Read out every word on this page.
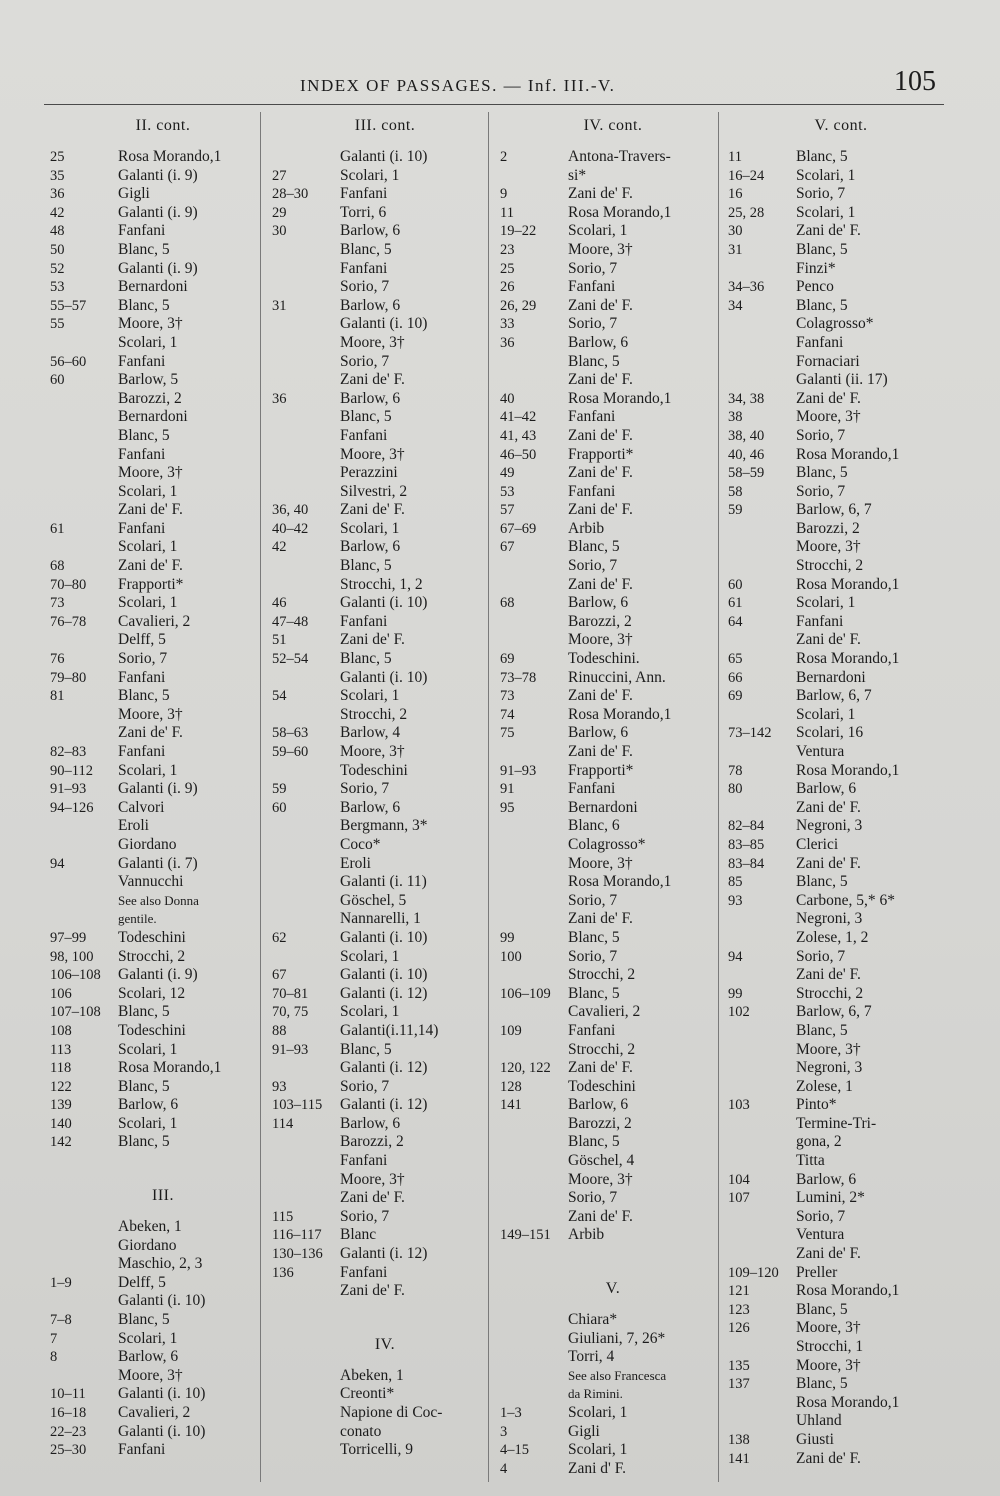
INDEX OF PASSAGES. — Inf. III.-V.	105
II. cont.
25	Rosa Morando,1
35	Galanti (i. 9)
36	Gigli
42	Galanti (i. 9)
48	Fanfani
50	Blanc, 5
52	Galanti (i. 9)
53	Bernardoni
55–57	Blanc, 5
55	Moore, 3†
Scolari, 1
56–60	Fanfani
60	Barlow, 5
Barozzi, 2
Bernardoni
Blanc, 5
Fanfani
Moore, 3†
Scolari, 1
Zani de' F.
61	Fanfani
Scolari, 1
68	Zani de' F.
70–80	Frapporti*
73	Scolari, 1
76–78	Cavalieri, 2
Delff, 5
76	Sorio, 7
79–80	Fanfani
81	Blanc, 5
Moore, 3†
Zani de' F.
82–83	Fanfani
90–112	Scolari, 1
91–93	Galanti (i. 9)
94–126	Calvori
Eroli
Giordano
94	Galanti (i. 7)
Vannucchi
See also Donna
gentile.
97–99	Todeschini
98, 100	Strocchi, 2
106–108	Galanti (i. 9)
106	Scolari, 12
107–108	Blanc, 5
108	Todeschini
113	Scolari, 1
118	Rosa Morando,1
122	Blanc, 5
139	Barlow, 6
140	Scolari, 1
142	Blanc, 5
III.
Abeken, 1
Giordano
Maschio, 2, 3
1–9	Delff, 5
Galanti (i. 10)
7–8	Blanc, 5
7	Scolari, 1
8	Barlow, 6
Moore, 3†
10–11	Galanti (i. 10)
16–18	Cavalieri, 2
22–23	Galanti (i. 10)
25–30	Fanfani
III. cont.
Galanti (i. 10)
27	Scolari, 1
28–30	Fanfani
29	Torri, 6
30	Barlow, 6
Blanc, 5
Fanfani
Sorio, 7
31	Barlow, 6
Galanti (i. 10)
Moore, 3†
Sorio, 7
Zani de' F.
36	Barlow, 6
Blanc, 5
Fanfani
Moore, 3†
Perazzini
Silvestri, 2
36, 40	Zani de' F.
40–42	Scolari, 1
42	Barlow, 6
Blanc, 5
Strocchi, 1, 2
46	Galanti (i. 10)
47–48	Fanfani
51	Zani de' F.
52–54	Blanc, 5
Galanti (i. 10)
54	Scolari, 1
Strocchi, 2
58–63	Barlow, 4
59–60	Moore, 3†
Todeschini
59	Sorio, 7
60	Barlow, 6
Bergmann, 3*
Coco*
Eroli
Galanti (i. 11)
Göschel, 5
Nannarelli, 1
62	Galanti (i. 10)
Scolari, 1
67	Galanti (i. 10)
70–81	Galanti (i. 12)
70, 75	Scolari, 1
88	Galanti(i.11,14)
91–93	Blanc, 5
Galanti (i. 12)
93	Sorio, 7
103–115	Galanti (i. 12)
114	Barlow, 6
Barozzi, 2
Fanfani
Moore, 3†
Zani de' F.
115	Sorio, 7
116–117	Blanc
130–136	Galanti (i. 12)
136	Fanfani
Zani de' F.
IV.
Abeken, 1
Creonti*
Napione di Coc-
conato
Torricelli, 9
IV. cont.
2	Antona-Travers-
si*
9	Zani de' F.
11	Rosa Morando,1
19–22	Scolari, 1
23	Moore, 3†
25	Sorio, 7
26	Fanfani
26, 29	Zani de' F.
33	Sorio, 7
36	Barlow, 6
Blanc, 5
Zani de' F.
40	Rosa Morando,1
41–42	Fanfani
41, 43	Zani de' F.
46–50	Frapporti*
49	Zani de' F.
53	Fanfani
57	Zani de' F.
67–69	Arbib
67	Blanc, 5
Sorio, 7
Zani de' F.
68	Barlow, 6
Barozzi, 2
Moore, 3†
69	Todeschini.
73–78	Rinuccini, Ann.
73	Zani de' F.
74	Rosa Morando,1
75	Barlow, 6
Zani de' F.
91–93	Frapporti*
91	Fanfani
95	Bernardoni
Blanc, 6
Colagrosso*
Moore, 3†
Rosa Morando,1
Sorio, 7
Zani de' F.
99	Blanc, 5
100	Sorio, 7
Strocchi, 2
106–109	Blanc, 5
Cavalieri, 2
109	Fanfani
Strocchi, 2
120, 122	Zani de' F.
128	Todeschini
141	Barlow, 6
Barozzi, 2
Blanc, 5
Göschel, 4
Moore, 3†
Sorio, 7
Zani de' F.
149–151	Arbib
V.
Chiara*
Giuliani, 7, 26*
Torri, 4
See also Francesca
da Rimini.
1–3	Scolari, 1
3	Gigli
4–15	Scolari, 1
4	Zani d' F.
V. cont.
11	Blanc, 5
16–24	Scolari, 1
16	Sorio, 7
25, 28	Scolari, 1
30	Zani de' F.
31	Blanc, 5
Finzi*
34–36	Penco
34	Blanc, 5
Colagrosso*
Fanfani
Fornaciari
Galanti (ii. 17)
34, 38	Zani de' F.
38	Moore, 3†
38, 40	Sorio, 7
40, 46	Rosa Morando,1
58–59	Blanc, 5
58	Sorio, 7
59	Barlow, 6, 7
Barozzi, 2
Moore, 3†
Strocchi, 2
60	Rosa Morando,1
61	Scolari, 1
64	Fanfani
Zani de' F.
65	Rosa Morando,1
66	Bernardoni
69	Barlow, 6, 7
Scolari, 1
73–142	Scolari, 16
Ventura
78	Rosa Morando,1
80	Barlow, 6
Zani de' F.
82–84	Negroni, 3
83–85	Clerici
83–84	Zani de' F.
85	Blanc, 5
93	Carbone, 5,* 6*
Negroni, 3
Zolese, 1, 2
94	Sorio, 7
Zani de' F.
99	Strocchi, 2
102	Barlow, 6, 7
Blanc, 5
Moore, 3†
Negroni, 3
Zolese, 1
103	Pinto*
Termine-Tri-
gona, 2
Titta
104	Barlow, 6
107	Lumini, 2*
Sorio, 7
Ventura
Zani de' F.
109–120	Preller
121	Rosa Morando,1
123	Blanc, 5
126	Moore, 3†
Strocchi, 1
135	Moore, 3†
137	Blanc, 5
Rosa Morando,1
Uhland
138	Giusti
141	Zani de' F.
